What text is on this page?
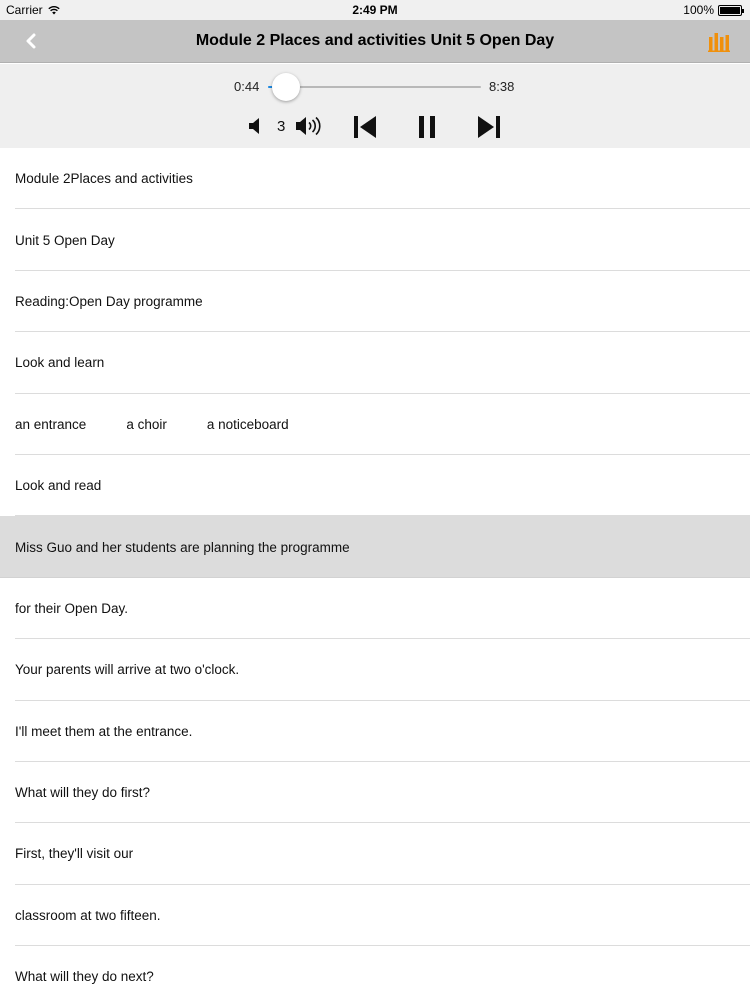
Carrier	2:49 PM	100%
Module 2 Places and activities Unit 5 Open Day
0:44	8:38
3
Module 2Places and activities
Unit 5 Open Day
Reading:Open Day programme
Look and learn
an entrance	a choir	a noticeboard
Look and read
Miss Guo and her students are planning the programme
for their Open Day.
Your parents will arrive at two o'clock.
I'll meet them at the entrance.
What will they do first?
First, they'll visit our
classroom at two fifteen.
What will they do next?
